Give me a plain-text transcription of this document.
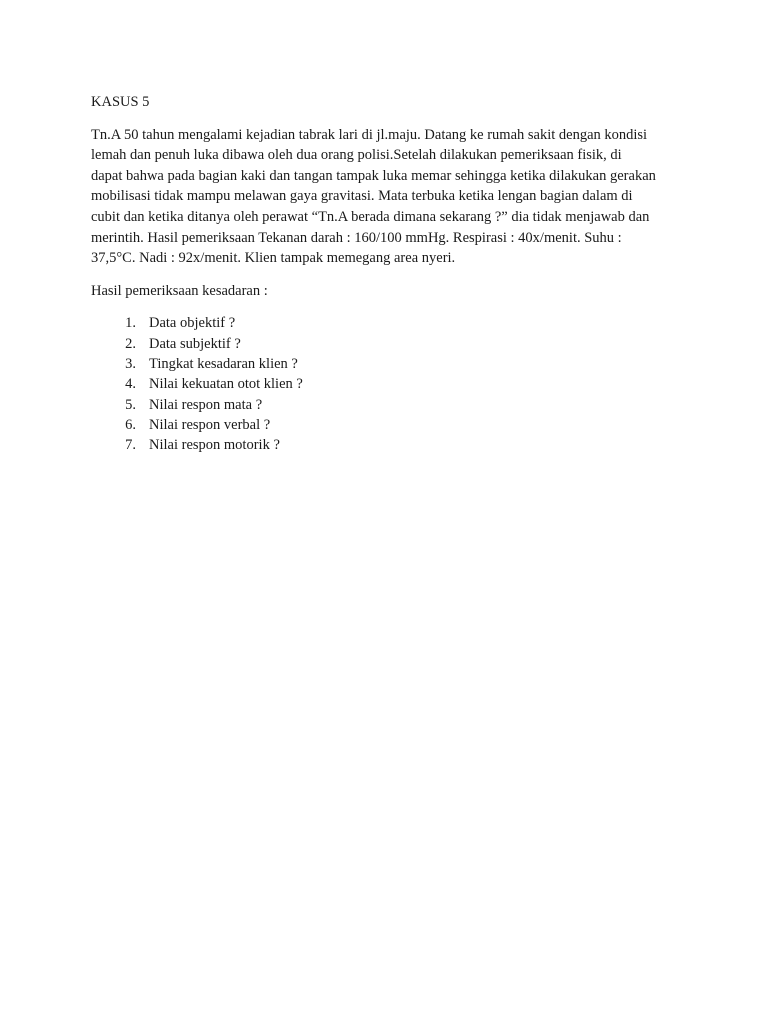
KASUS 5
Tn.A 50 tahun mengalami kejadian tabrak lari di jl.maju. Datang ke rumah sakit dengan kondisi
lemah dan penuh luka dibawa oleh dua orang polisi.Setelah dilakukan pemeriksaan fisik, di
dapat bahwa pada bagian kaki dan tangan tampak luka memar sehingga ketika dilakukan gerakan
mobilisasi tidak mampu melawan gaya gravitasi. Mata terbuka ketika lengan bagian dalam di
cubit dan ketika ditanya oleh perawat “Tn.A berada dimana sekarang ?” dia tidak menjawab dan
merintih. Hasil pemeriksaan Tekanan darah : 160/100 mmHg. Respirasi : 40x/menit. Suhu :
37,5°C. Nadi : 92x/menit. Klien tampak memegang area nyeri.
Hasil pemeriksaan kesadaran :
1. Data objektif ?
2. Data subjektif ?
3. Tingkat kesadaran klien ?
4. Nilai kekuatan otot klien ?
5. Nilai respon mata ?
6. Nilai respon verbal ?
7. Nilai respon motorik ?
